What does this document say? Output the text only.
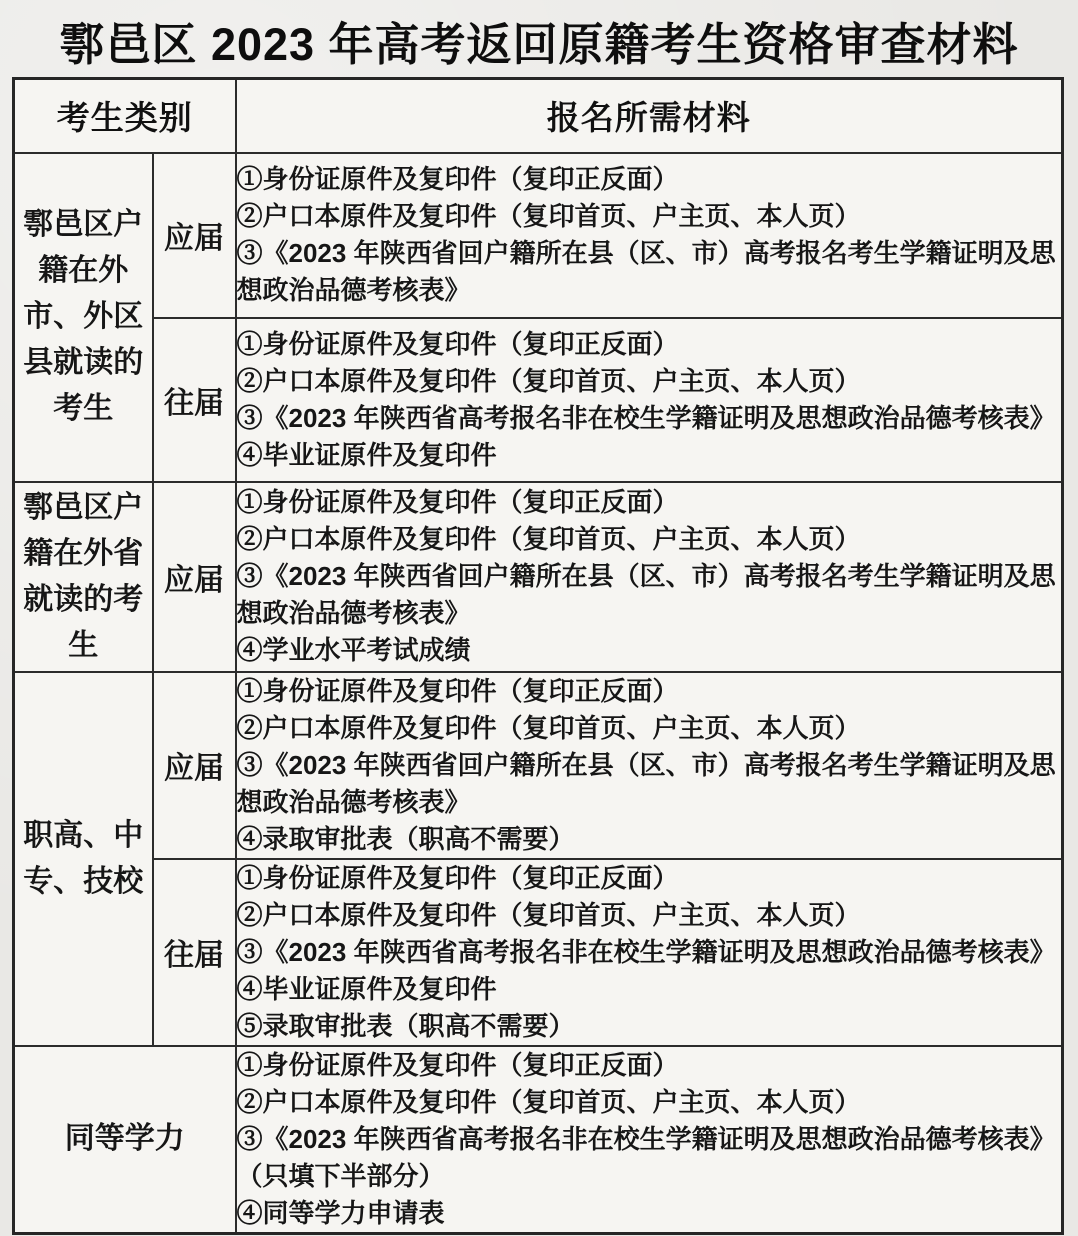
鄠邑区 2023 年高考返回原籍考生资格审查材料
考生类别		报名所需材料
鄠邑区户籍在外市、外区县就读的考生	应届	①身份证原件及复印件（复印正反面）
②户口本原件及复印件（复印首页、户主页、本人页）
③《2023 年陕西省回户籍所在县（区、市）高考报名考生学籍证明及思想政治品德考核表》

	往届	①身份证原件及复印件（复印正反面）
②户口本原件及复印件（复印首页、户主页、本人页）
③《2023 年陕西省高考报名非在校生学籍证明及思想政治品德考核表》
④毕业证原件及复印件

鄠邑区户籍在外省就读的考生	应届	①身份证原件及复印件（复印正反面）
②户口本原件及复印件（复印首页、户主页、本人页）
③《2023 年陕西省回户籍所在县（区、市）高考报名考生学籍证明及思想政治品德考核表》
④学业水平考试成绩

职高、中专、技校	应届	①身份证原件及复印件（复印正反面）
②户口本原件及复印件（复印首页、户主页、本人页）
③《2023 年陕西省回户籍所在县（区、市）高考报名考生学籍证明及思想政治品德考核表》
④录取审批表（职高不需要）

	往届	①身份证原件及复印件（复印正反面）
②户口本原件及复印件（复印首页、户主页、本人页）
③《2023 年陕西省高考报名非在校生学籍证明及思想政治品德考核表》
④毕业证原件及复印件
⑤录取审批表（职高不需要）

同等学力		①身份证原件及复印件（复印正反面）
②户口本原件及复印件（复印首页、户主页、本人页）
③《2023 年陕西省高考报名非在校生学籍证明及思想政治品德考核表》（只填下半部分）
④同等学力申请表
